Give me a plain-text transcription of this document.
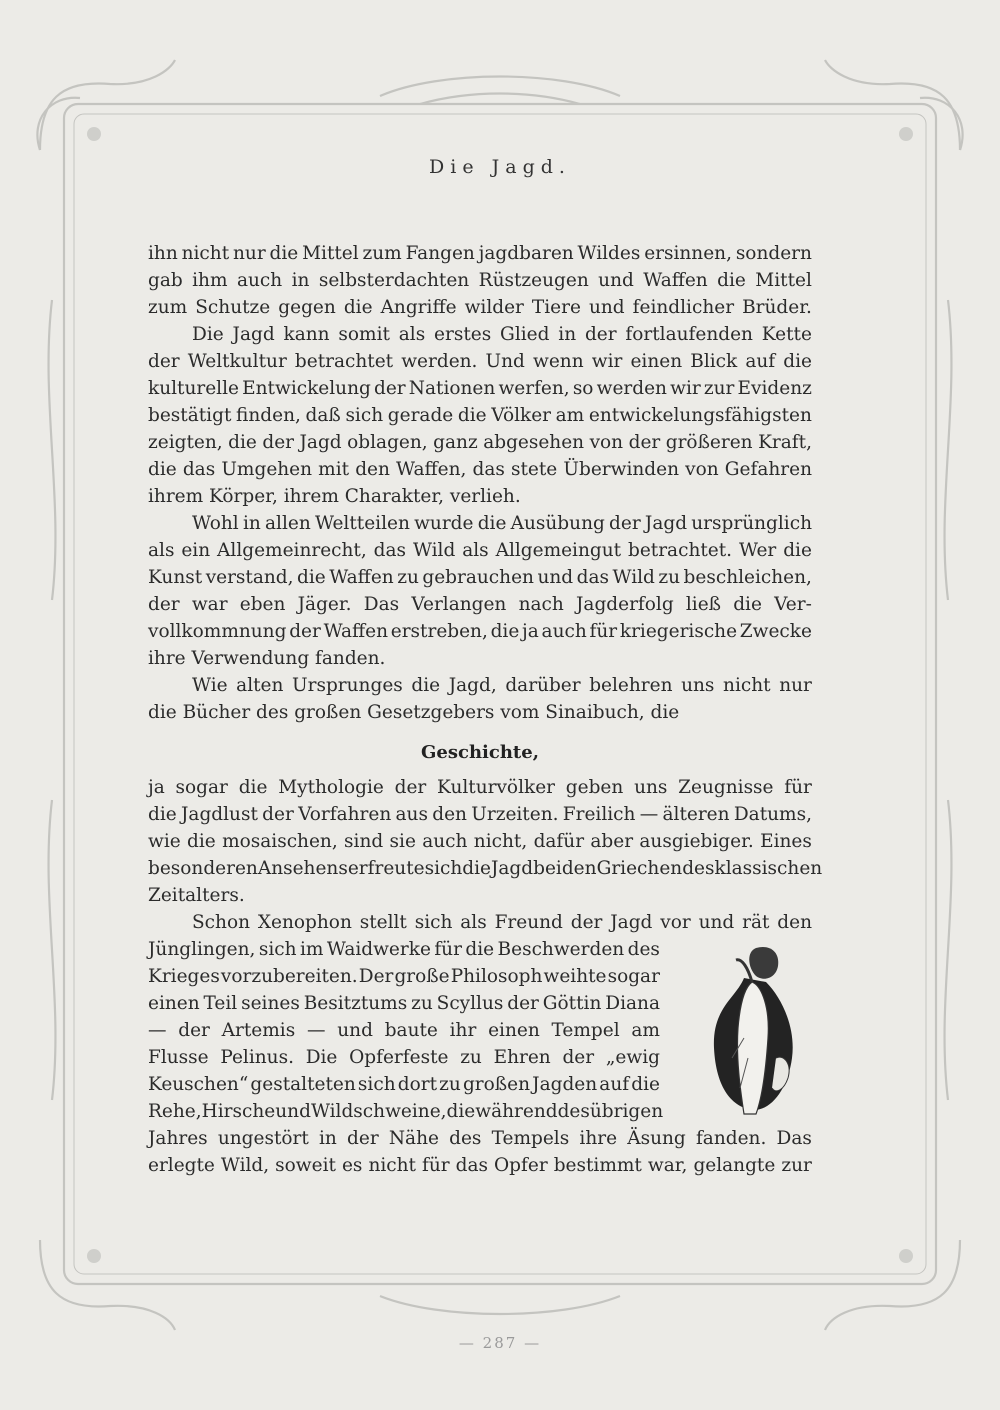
Die Jagd.
ihn nicht nur die Mittel zum Fangen jagdbaren Wildes ersinnen, sondern
gab ihm auch in selbsterdachten Rüstzeugen und Waffen die Mittel
zum Schutze gegen die Angriffe wilder Tiere und feindlicher Brüder.
Die Jagd kann somit als erstes Glied in der fortlaufenden Kette
der Weltkultur betrachtet werden. Und wenn wir einen Blick auf die
kulturelle Entwickelung der Nationen werfen, so werden wir zur Evidenz
bestätigt finden, daß sich gerade die Völker am entwickelungsfähigsten
zeigten, die der Jagd oblagen, ganz abgesehen von der größeren Kraft,
die das Umgehen mit den Waffen, das stete Überwinden von Gefahren
ihrem Körper, ihrem Charakter, verlieh.
Wohl in allen Weltteilen wurde die Ausübung der Jagd ursprünglich
als ein Allgemeinrecht, das Wild als Allgemeingut betrachtet. Wer die
Kunst verstand, die Waffen zu gebrauchen und das Wild zu beschleichen,
der war eben Jäger. Das Verlangen nach Jagderfolg ließ die Ver-
vollkommnung der Waffen erstreben, die ja auch für kriegerische Zwecke
ihre Verwendung fanden.
Wie alten Ursprunges die Jagd, darüber belehren uns nicht nur
die Bücher des großen Gesetzgebers vom Sinaibuch, die
Geschichte,
ja sogar die Mythologie der Kulturvölker geben uns Zeugnisse für
die Jagdlust der Vorfahren aus den Urzeiten. Freilich — älteren Datums,
wie die mosaischen, sind sie auch nicht, dafür aber ausgiebiger. Eines
besonderen Ansehens erfreute sich die Jagd bei den Griechen des klassischen
Zeitalters.
Schon Xenophon stellt sich als Freund der Jagd vor und rät den
Jünglingen, sich im Waidwerke für die Beschwerden des
Krieges vorzubereiten. Der große Philosoph weihte sogar
einen Teil seines Besitztums zu Scyllus der Göttin Diana
— der Artemis — und baute ihr einen Tempel am
Flusse Pelinus. Die Opferfeste zu Ehren der „ewig
Keuschen“ gestalteten sich dort zu großen Jagden auf die
Rehe, Hirsche und Wildschweine, die während des übrigen
Jahres ungestört in der Nähe des Tempels ihre Äsung fanden. Das
erlegte Wild, soweit es nicht für das Opfer bestimmt war, gelangte zur
— 287 —
